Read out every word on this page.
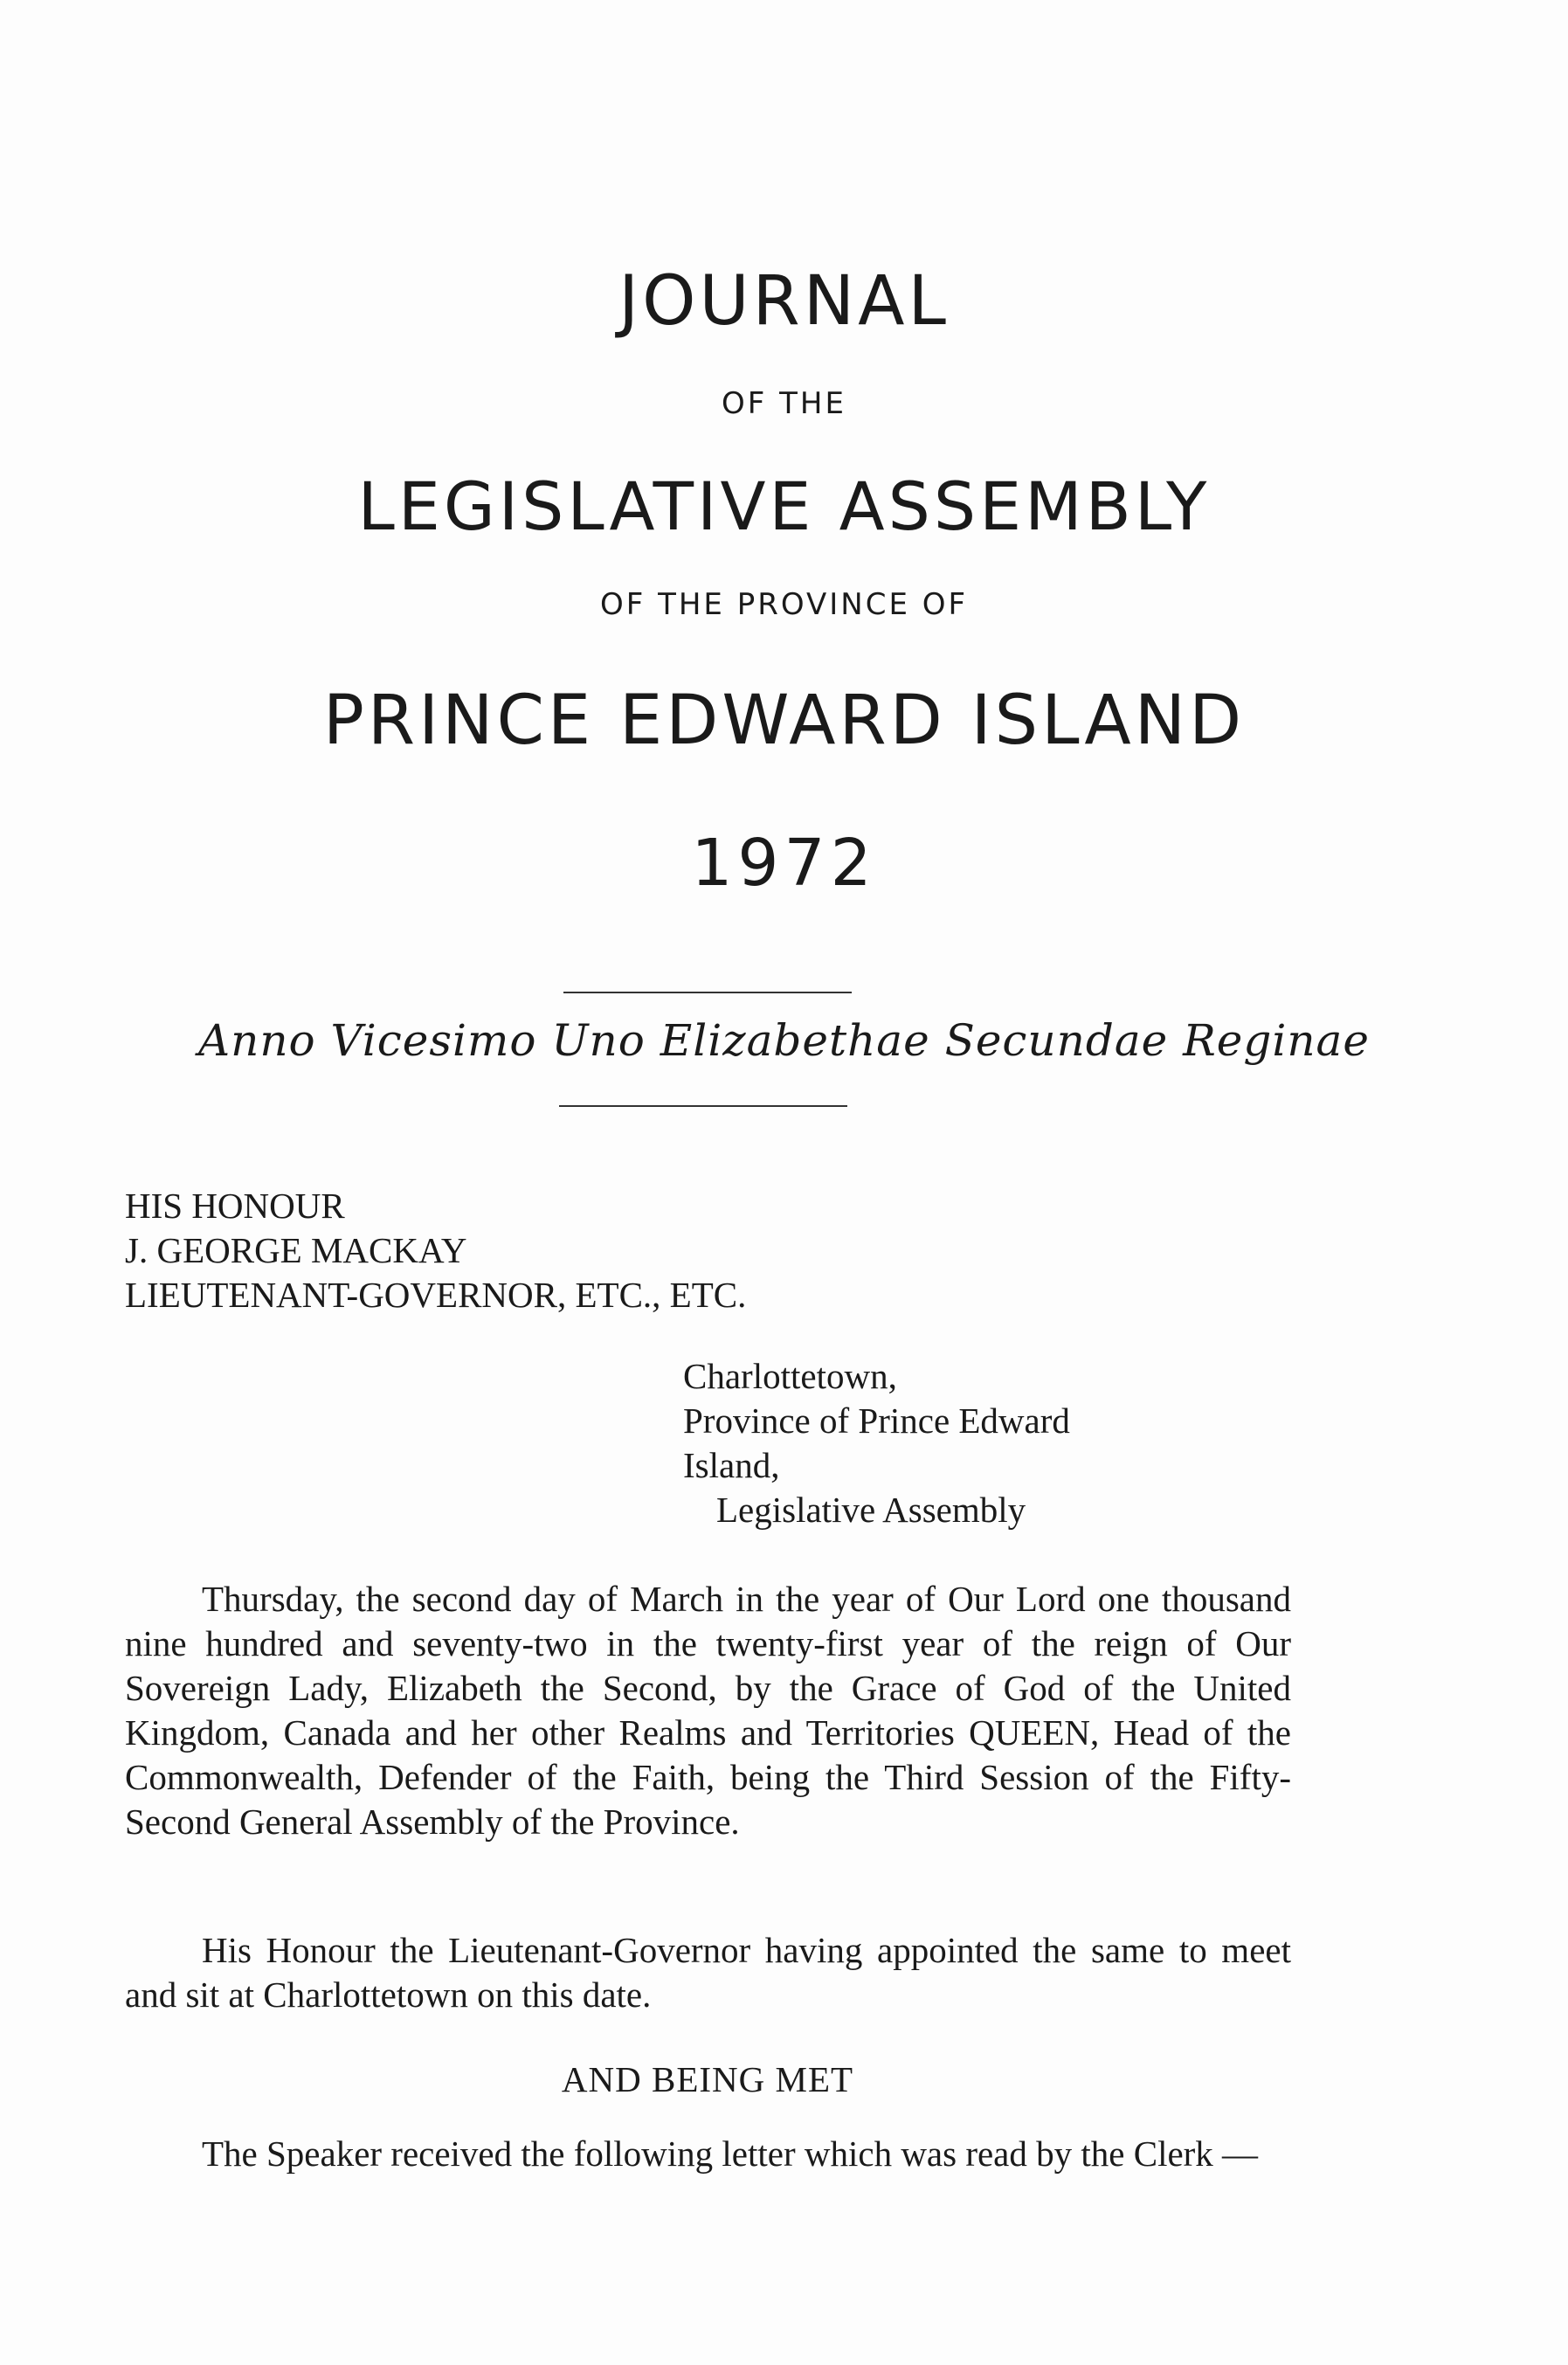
JOURNAL
OF THE
LEGISLATIVE ASSEMBLY
OF THE PROVINCE OF
PRINCE EDWARD ISLAND
1972
Anno Vicesimo Uno Elizabethae Secundae Reginae
HIS HONOUR
J. GEORGE MACKAY
LIEUTENANT-GOVERNOR, ETC., ETC.
Charlottetown,
Province of Prince Edward
Island,
Legislative Assembly

Thursday, the second day of March in the year of Our Lord one thousand nine hundred and seventy-two in the twenty-first year of the reign of Our Sovereign Lady, Elizabeth the Second, by the Grace of God of the United Kingdom, Canada and her other Realms and Territories QUEEN, Head of the Commonwealth, Defender of the Faith, being the Third Session of the Fifty-Second General Assembly of the Province.

His Honour the Lieutenant-Governor having appointed the same to meet and sit at Charlottetown on this date.

AND BEING MET

The Speaker received the following letter which was read by the Clerk —
